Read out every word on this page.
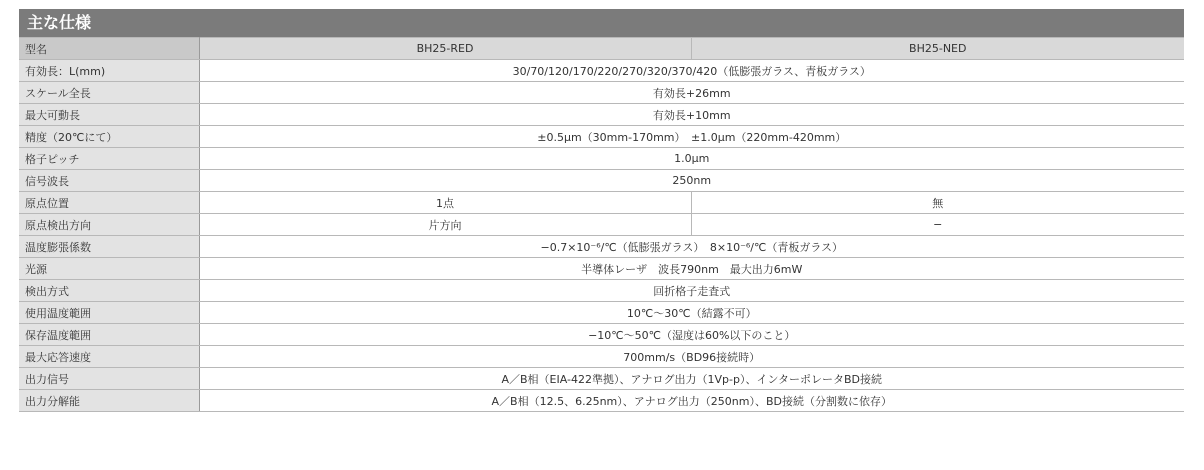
主な仕様
型名	BH25-RED	BH25-NED
有効長：L(mm)	30/70/120/170/220/270/320/370/420（低膨張ガラス、青板ガラス）	
スケール全長	有効長+26mm	
最大可動長	有効長+10mm	
精度（20℃にて）	±0.5μm（30mm-170mm）　±1.0μm（220mm-420mm）	
格子ピッチ	1.0μm	
信号波長	250nm	
原点位置	1点	無
原点検出方向	片方向	−
温度膨張係数	−0.7×10⁻⁶/℃（低膨張ガラス）　8×10⁻⁶/℃（青板ガラス）	
光源	半導体レーザ　波長790nm　最大出力6mW	
検出方式	回折格子走査式	
使用温度範囲	10℃〜30℃（結露不可）	
保存温度範囲	−10℃〜50℃（湿度は60%以下のこと）	
最大応答速度	700mm/s（BD96接続時）	
出力信号	A／B相（EIA-422準拠）、アナログ出力（1Vp-p）、インターポレータBD接続	
出力分解能	A／B相（12.5、6.25nm）、アナログ出力（250nm）、BD接続（分割数に依存）	
